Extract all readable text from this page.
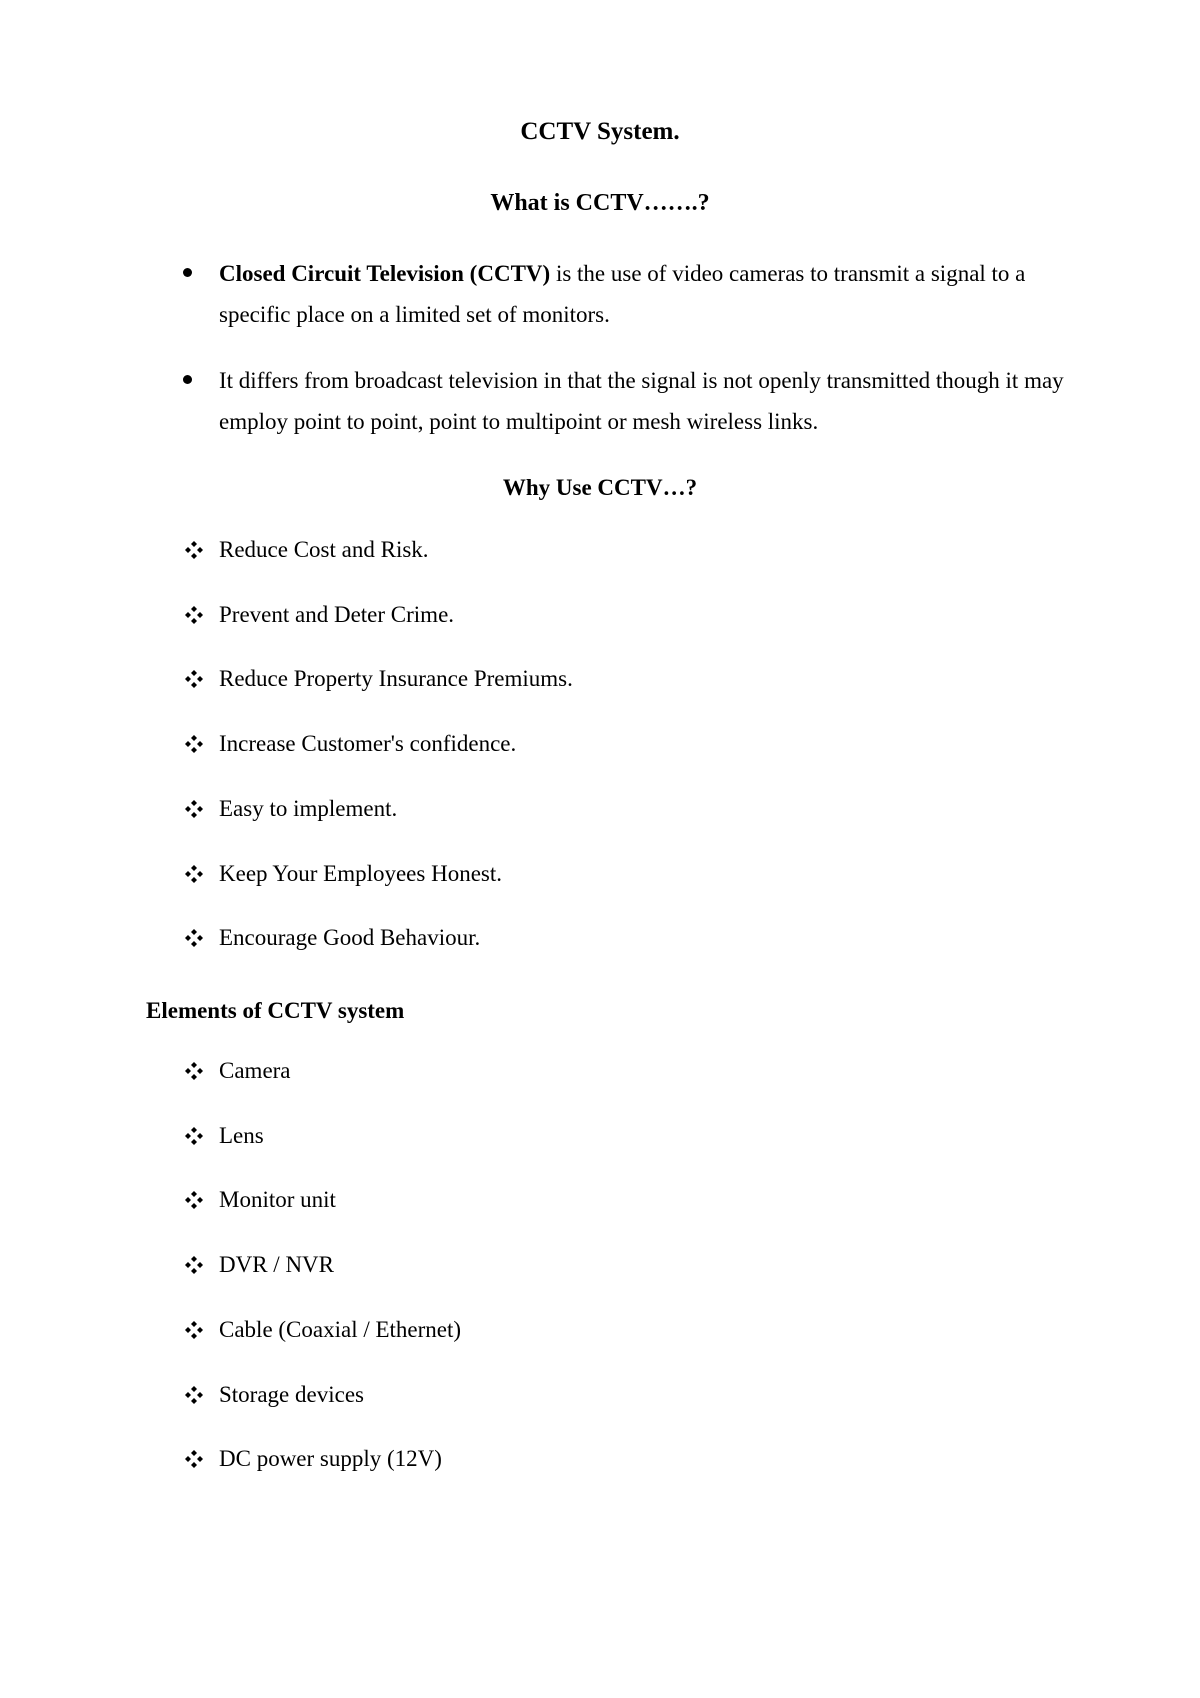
CCTV System.
What is CCTV…….?
Closed Circuit Television (CCTV) is the use of video cameras to transmit a signal to a specific place on a limited set of monitors.
It differs from broadcast television in that the signal is not openly transmitted though it may employ point to point, point to multipoint or mesh wireless links.
Why Use CCTV…?
Reduce Cost and Risk.
Prevent and Deter Crime.
Reduce Property Insurance Premiums.
Increase Customer's confidence.
Easy to implement.
Keep Your Employees Honest.
Encourage Good Behaviour.
Elements of CCTV system
Camera
Lens
Monitor unit
DVR / NVR
Cable (Coaxial / Ethernet)
Storage devices
DC power supply (12V)
